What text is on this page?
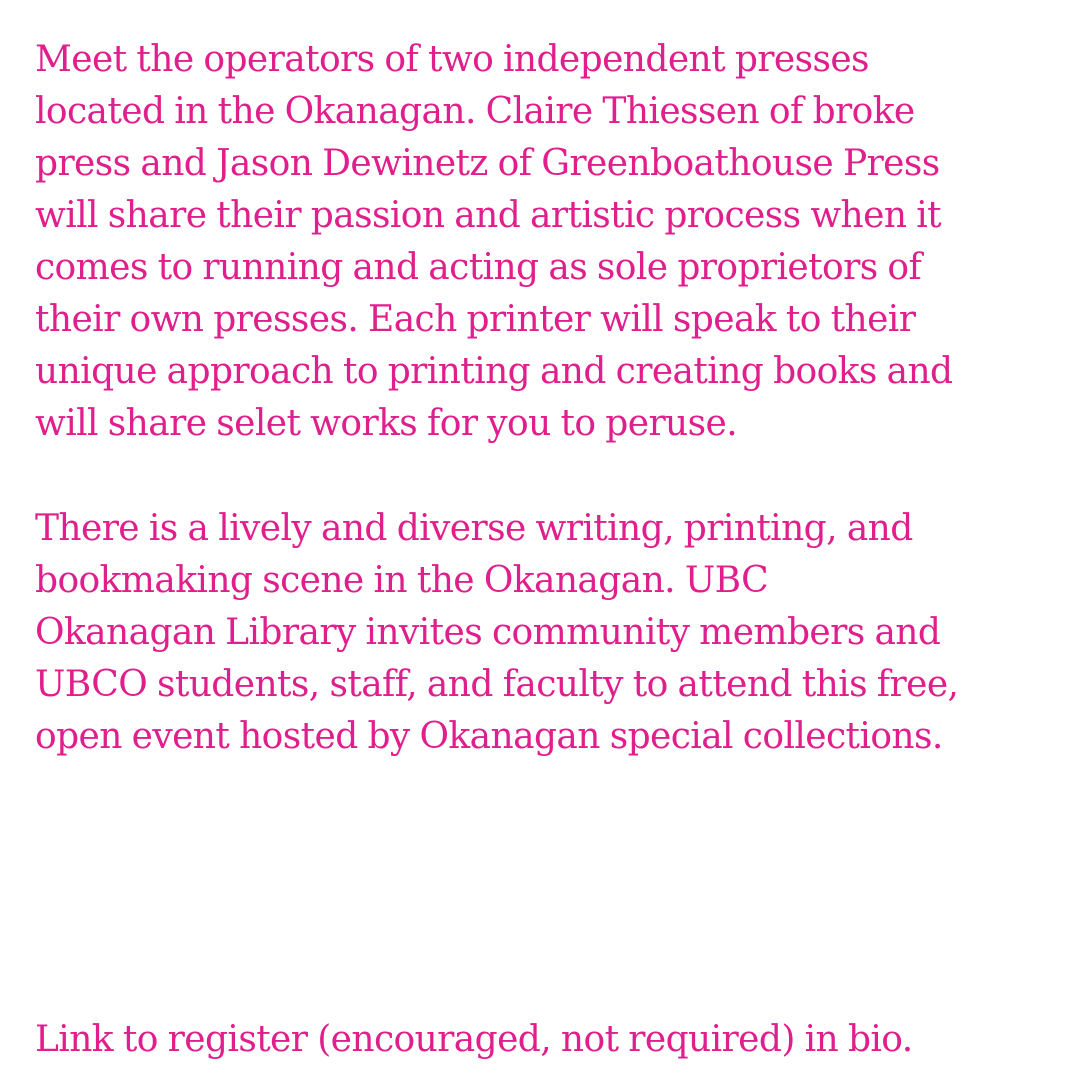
Meet the operators of two independent presses
located in the Okanagan. Claire Thiessen of broke
press and Jason Dewinetz of Greenboathouse Press
will share their passion and artistic process when it
comes to running and acting as sole proprietors of
their own presses. Each printer will speak to their
unique approach to printing and creating books and
will share selet works for you to peruse.

There is a lively and diverse writing, printing, and
bookmaking scene in the Okanagan. UBC
Okanagan Library invites community members and
UBCO students, staff, and faculty to attend this free,
open event hosted by Okanagan special collections.

Link to register (encouraged, not required) in bio.
